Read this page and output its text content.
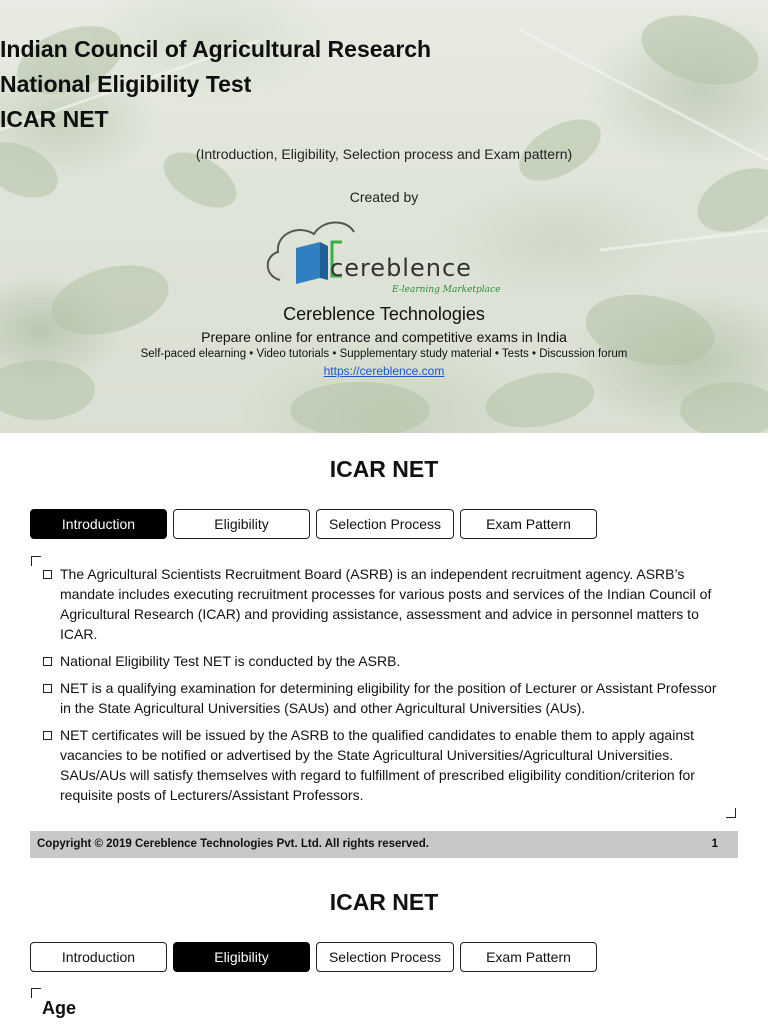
Indian Council of Agricultural Research
National Eligibility Test
ICAR NET
(Introduction, Eligibility, Selection process and Exam pattern)
Created by
cereblence
E-learning Marketplace
Cereblence Technologies
Prepare online for entrance and competitive exams in India
Self-paced elearning • Video tutorials • Supplementary study material • Tests • Discussion forum
https://cereblence.com
ICAR NET
Introduction	Eligibility	Selection Process	Exam Pattern
The Agricultural Scientists Recruitment Board (ASRB) is an independent recruitment agency. ASRB’s mandate includes executing recruitment processes for various posts and services of the Indian Council of Agricultural Research (ICAR) and providing assistance, assessment and advice in personnel matters to ICAR.
National Eligibility Test NET is conducted by the ASRB.
NET is a qualifying examination for determining eligibility for the position of Lecturer or Assistant Professor in the State Agricultural Universities (SAUs) and other Agricultural Universities (AUs).
NET certificates will be issued by the ASRB to the qualified candidates to enable them to apply against vacancies to be notified or advertised by the State Agricultural Universities/Agricultural Universities. SAUs/AUs will satisfy themselves with regard to fulfillment of prescribed eligibility condition/criterion for requisite posts of Lecturers/Assistant Professors.
Copyright © 2019 Cereblence Technologies Pvt. Ltd. All rights reserved.	1
ICAR NET
Introduction	Eligibility	Selection Process	Exam Pattern
Age
